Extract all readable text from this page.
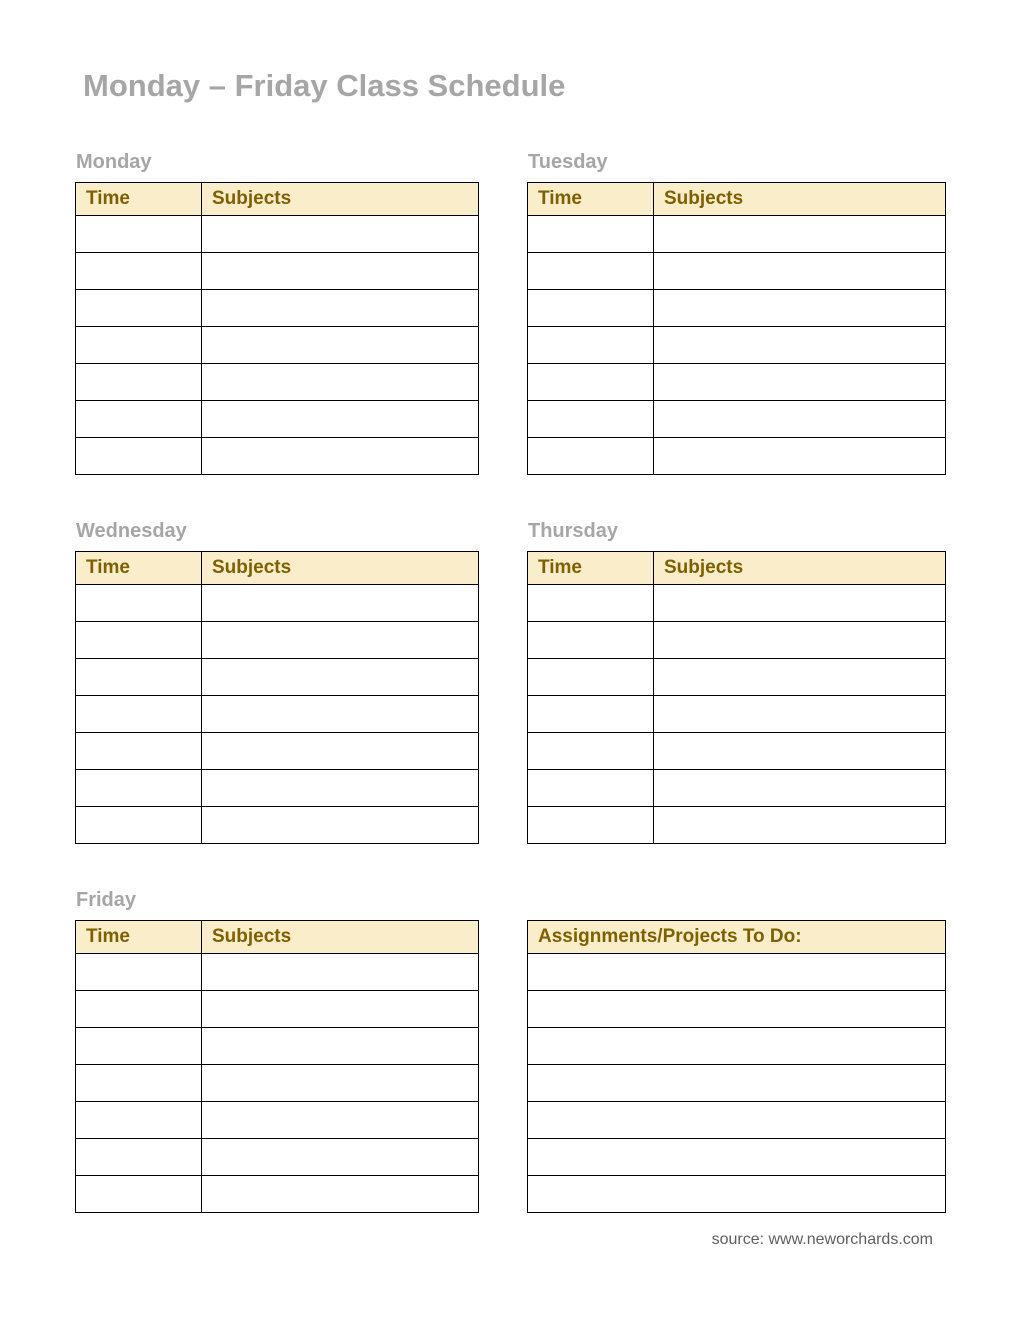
Monday – Friday Class Schedule
Monday
Time	Subjects

Tuesday
Time	Subjects

Wednesday
Time	Subjects

Thursday
Time	Subjects

Friday
Time	Subjects

		Assignments/Projects To Do:

source: www.neworchards.com
